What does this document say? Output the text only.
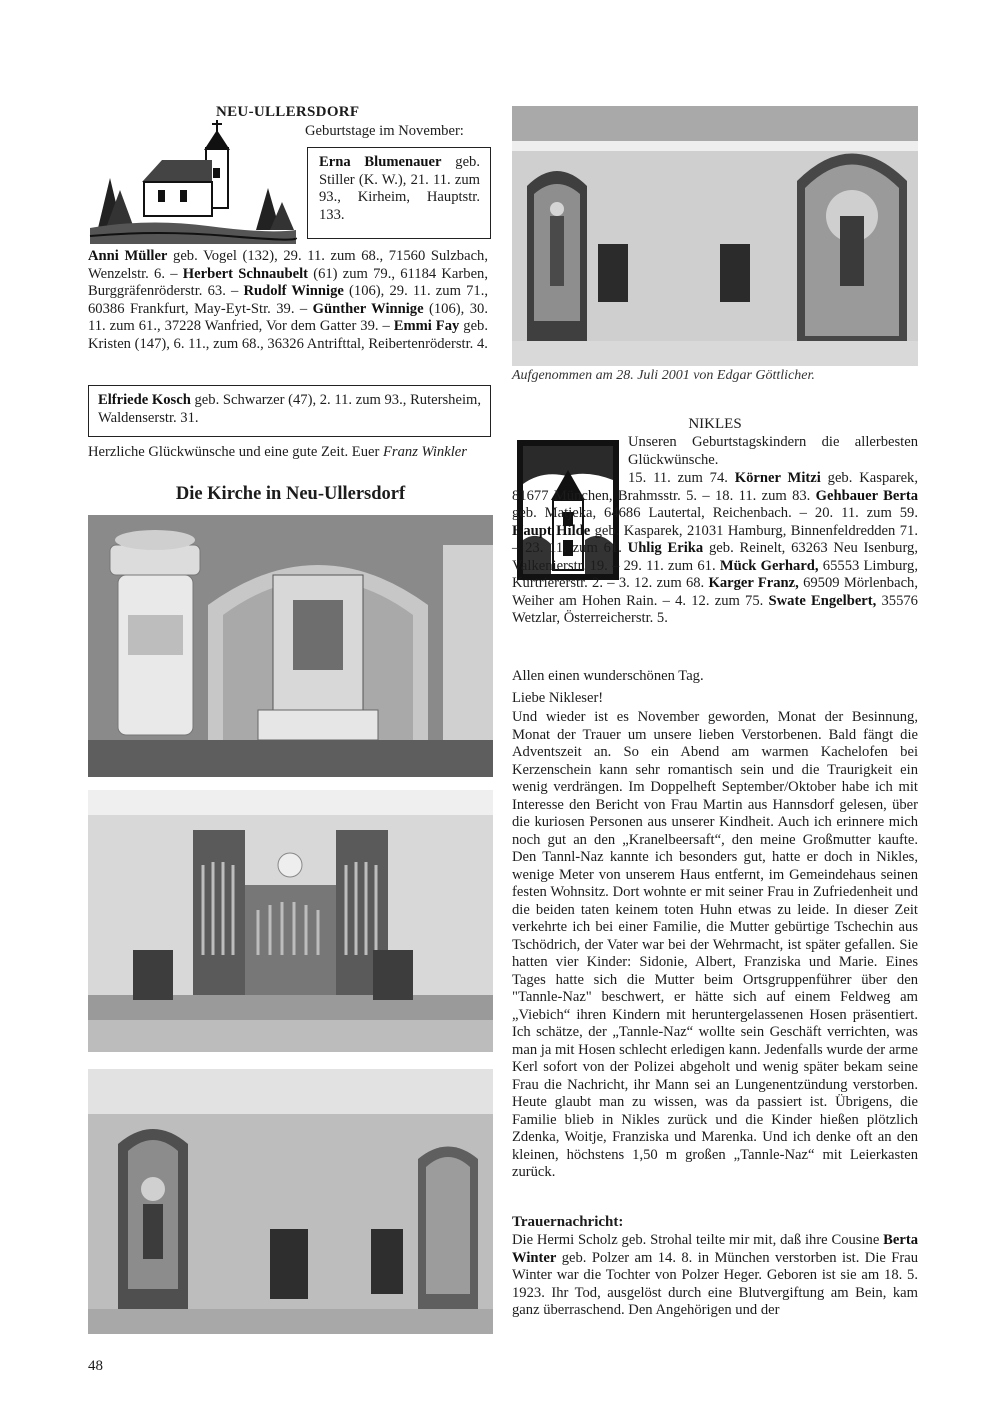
NEU-ULLERSDORF
Geburtstage im November:
Erna Blumenauer geb. Stiller (K. W.), 21. 11. zum 93., Kirheim, Hauptstr. 133.
Anni Müller geb. Vogel (132), 29. 11. zum 68., 71560 Sulzbach, Wenzelstr. 6. – Herbert Schnaubelt (61) zum 79., 61184 Karben, Burggräfenröderstr. 63. – Rudolf Winnige (106), 29. 11. zum 71., 60386 Frankfurt, May-Eyt-Str. 39. – Günther Winnige (106), 30. 11. zum 61., 37228 Wanfried, Vor dem Gatter 39. – Emmi Fay geb. Kristen (147), 6. 11., zum 68., 36326 Antrifttal, Reibertenröderstr. 4.
Elfriede Kosch geb. Schwarzer (47), 2. 11. zum 93., Rutersheim, Waldenserstr. 31.
Herzliche Glückwünsche und eine gute Zeit. Euer Franz Winkler
Die Kirche in Neu-Ullersdorf
48
Aufgenommen am 28. Juli 2001 von Edgar Göttlicher.
NIKLES
Unseren Geburtstagskindern die allerbesten Glückwünsche.
15. 11. zum 74. Körner Mitzi geb. Kasparek, 81677 München, Brahmsstr. 5. – 18. 11. zum 83. Gehbauer Berta geb. Matjeka, 64686 Lautertal, Reichenbach. – 20. 11. zum 59. Haupt Hilde geb. Kasparek, 21031 Hamburg, Binnenfeldredden 71. – 23. 11. zum 61. Uhlig Erika geb. Reinelt, 63263 Neu Isenburg, Valkenierstr. 19. – 29. 11. zum 61. Mück Gerhard, 65553 Limburg, Kurtriererstr. 2. – 3. 12. zum 68. Karger Franz, 69509 Mörlenbach, Weiher am Hohen Rain. – 4. 12. zum 75. Swate Engelbert, 35576 Wetzlar, Österreicherstr. 5.
Allen einen wunderschönen Tag.
Liebe Nikleser!
Und wieder ist es November geworden, Monat der Besinnung, Monat der Trauer um unsere lieben Verstorbenen. Bald fängt die Adventszeit an. So ein Abend am warmen Kachelofen bei Kerzenschein kann sehr romantisch sein und die Traurigkeit ein wenig verdrängen. Im Doppelheft September/Oktober habe ich mit Interesse den Bericht von Frau Martin aus Hannsdorf gelesen, über die kuriosen Personen aus unserer Kindheit. Auch ich erinnere mich noch gut an den „Kranelbeersaft“, den meine Großmutter kaufte. Den Tannl-Naz kannte ich besonders gut, hatte er doch in Nikles, wenige Meter von unserem Haus entfernt, im Gemeindehaus seinen festen Wohnsitz. Dort wohnte er mit seiner Frau in Zufriedenheit und die beiden taten keinem toten Huhn etwas zu leide. In dieser Zeit verkehrte ich bei einer Familie, die Mutter gebürtige Tschechin aus Tschödrich, der Vater war bei der Wehrmacht, ist später gefallen. Sie hatten vier Kinder: Sidonie, Albert, Franziska und Marie. Eines Tages hatte sich die Mutter beim Ortsgruppenführer über den "Tannle-Naz" beschwert, er hätte sich auf einem Feldweg am „Viebich“ ihren Kindern mit heruntergelassenen Hosen präsentiert. Ich schätze, der „Tannle-Naz“ wollte sein Geschäft verrichten, was man ja mit Hosen schlecht erledigen kann. Jedenfalls wurde der arme Kerl sofort von der Polizei abgeholt und wenig später bekam seine Frau die Nachricht, ihr Mann sei an Lungenentzündung verstorben. Heute glaubt man zu wissen, was da passiert ist. Übrigens, die Familie blieb in Nikles zurück und die Kinder hießen plötzlich Zdenka, Woitje, Franziska und Marenka. Und ich denke oft an den kleinen, höchstens 1,50 m großen „Tannle-Naz“ mit Leierkasten zurück.
Trauernachricht:
Die Hermi Scholz geb. Strohal teilte mir mit, daß ihre Cousine Berta Winter geb. Polzer am 14. 8. in München verstorben ist. Die Frau Winter war die Tochter von Polzer Heger. Geboren ist sie am 18. 5. 1923. Ihr Tod, ausgelöst durch eine Blutvergiftung am Bein, kam ganz überraschend. Den Angehörigen und der
